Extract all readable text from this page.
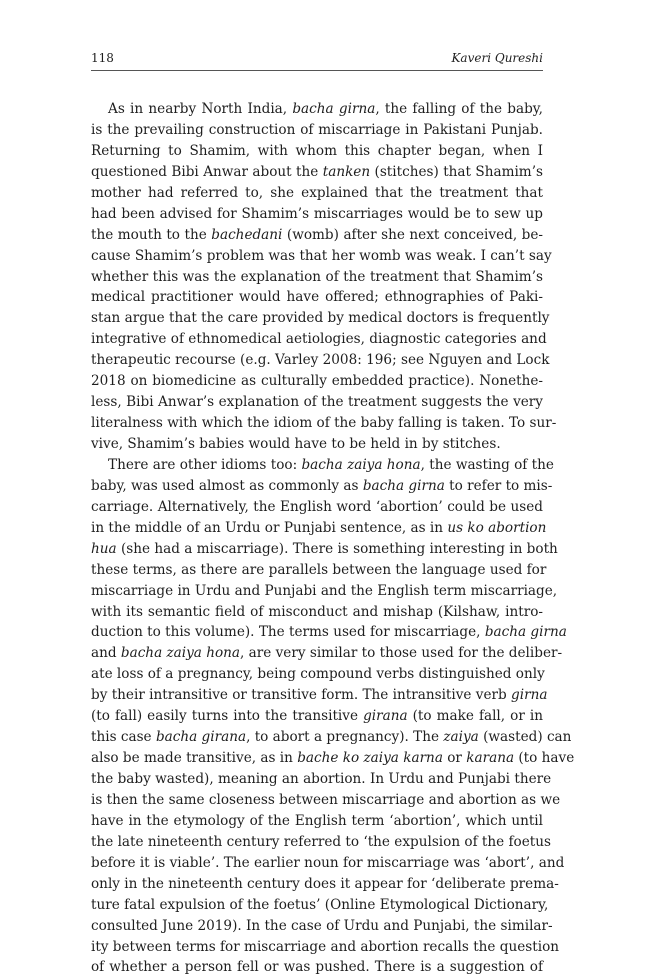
118	Kaveri Qureshi
As in nearby North India, bacha girna, the falling of the baby,
is the prevailing construction of miscarriage in Pakistani Punjab.
Returning to Shamim, with whom this chapter began, when I
questioned Bibi Anwar about the tanken (stitches) that Shamim’s
mother had referred to, she explained that the treatment that
had been advised for Shamim’s miscarriages would be to sew up
the mouth to the bachedani (womb) after she next conceived, be-
cause Shamim’s problem was that her womb was weak. I can’t say
whether this was the explanation of the treatment that Shamim’s
medical practitioner would have offered; ethnographies of Paki-
stan argue that the care provided by medical doctors is frequently
integrative of ethnomedical aetiologies, diagnostic categories and
therapeutic recourse (e.g. Varley 2008: 196; see Nguyen and Lock
2018 on biomedicine as culturally embedded practice). Nonethe-
less, Bibi Anwar’s explanation of the treatment suggests the very
literalness with which the idiom of the baby falling is taken. To sur-
vive, Shamim’s babies would have to be held in by stitches.
There are other idioms too: bacha zaiya hona, the wasting of the
baby, was used almost as commonly as bacha girna to refer to mis-
carriage. Alternatively, the English word ‘abortion’ could be used
in the middle of an Urdu or Punjabi sentence, as in us ko abortion
hua (she had a miscarriage). There is something interesting in both
these terms, as there are parallels between the language used for
miscarriage in Urdu and Punjabi and the English term miscarriage,
with its semantic field of misconduct and mishap (Kilshaw, intro-
duction to this volume). The terms used for miscarriage, bacha girna
and bacha zaiya hona, are very similar to those used for the deliber-
ate loss of a pregnancy, being compound verbs distinguished only
by their intransitive or transitive form. The intransitive verb girna
(to fall) easily turns into the transitive girana (to make fall, or in
this case bacha girana, to abort a pregnancy). The zaiya (wasted) can
also be made transitive, as in bache ko zaiya karna or karana (to have
the baby wasted), meaning an abortion. In Urdu and Punjabi there
is then the same closeness between miscarriage and abortion as we
have in the etymology of the English term ‘abortion’, which until
the late nineteenth century referred to ‘the expulsion of the foetus
before it is viable’. The earlier noun for miscarriage was ‘abort’, and
only in the nineteenth century does it appear for ‘deliberate prema-
ture fatal expulsion of the foetus’ (Online Etymological Dictionary,
consulted June 2019). In the case of Urdu and Punjabi, the similar-
ity between terms for miscarriage and abortion recalls the question
of whether a person fell or was pushed. There is a suggestion of
